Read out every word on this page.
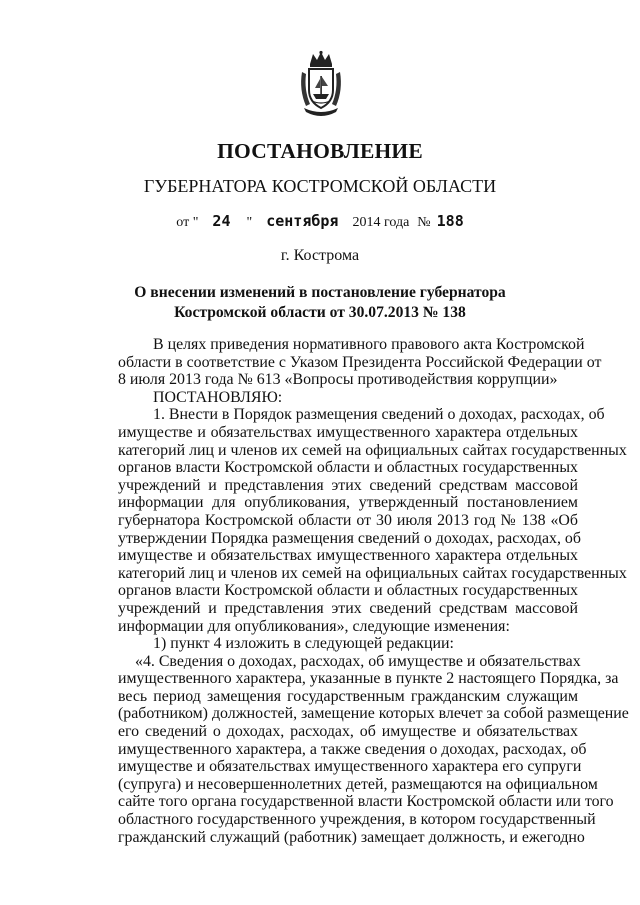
ПОСТАНОВЛЕНИЕ
ГУБЕРНАТОРА КОСТРОМСКОЙ ОБЛАСТИ
от " 24 " сентября 2014 года № 188
г. Кострома
О внесении изменений в постановление губернатора
Костромской области от 30.07.2013 № 138
В целях приведения нормативного правового акта Костромской
области в соответствие с Указом Президента Российской Федерации от
8 июля 2013 года № 613 «Вопросы противодействия коррупции»
ПОСТАНОВЛЯЮ:
1. Внести в Порядок размещения сведений о доходах, расходах, об
имуществе и обязательствах имущественного характера отдельных
категорий лиц и членов их семей на официальных сайтах государственных
органов власти Костромской области и областных государственных
учреждений и представления этих сведений средствам массовой
информации для опубликования, утвержденный постановлением
губернатора Костромской области от 30 июля 2013 год № 138 «Об
утверждении Порядка размещения сведений о доходах, расходах, об
имуществе и обязательствах имущественного характера отдельных
категорий лиц и членов их семей на официальных сайтах государственных
органов власти Костромской области и областных государственных
учреждений и представления этих сведений средствам массовой
информации для опубликования», следующие изменения:
1) пункт 4 изложить в следующей редакции:
«4. Сведения о доходах, расходах, об имуществе и обязательствах
имущественного характера, указанные в пункте 2 настоящего Порядка, за
весь период замещения государственным гражданским служащим
(работником) должностей, замещение которых влечет за собой размещение
его сведений о доходах, расходах, об имуществе и обязательствах
имущественного характера, а также сведения о доходах, расходах, об
имуществе и обязательствах имущественного характера его супруги
(супруга) и несовершеннолетних детей, размещаются на официальном
сайте того органа государственной власти Костромской области или того
областного государственного учреждения, в котором государственный
гражданский служащий (работник) замещает должность, и ежегодно
